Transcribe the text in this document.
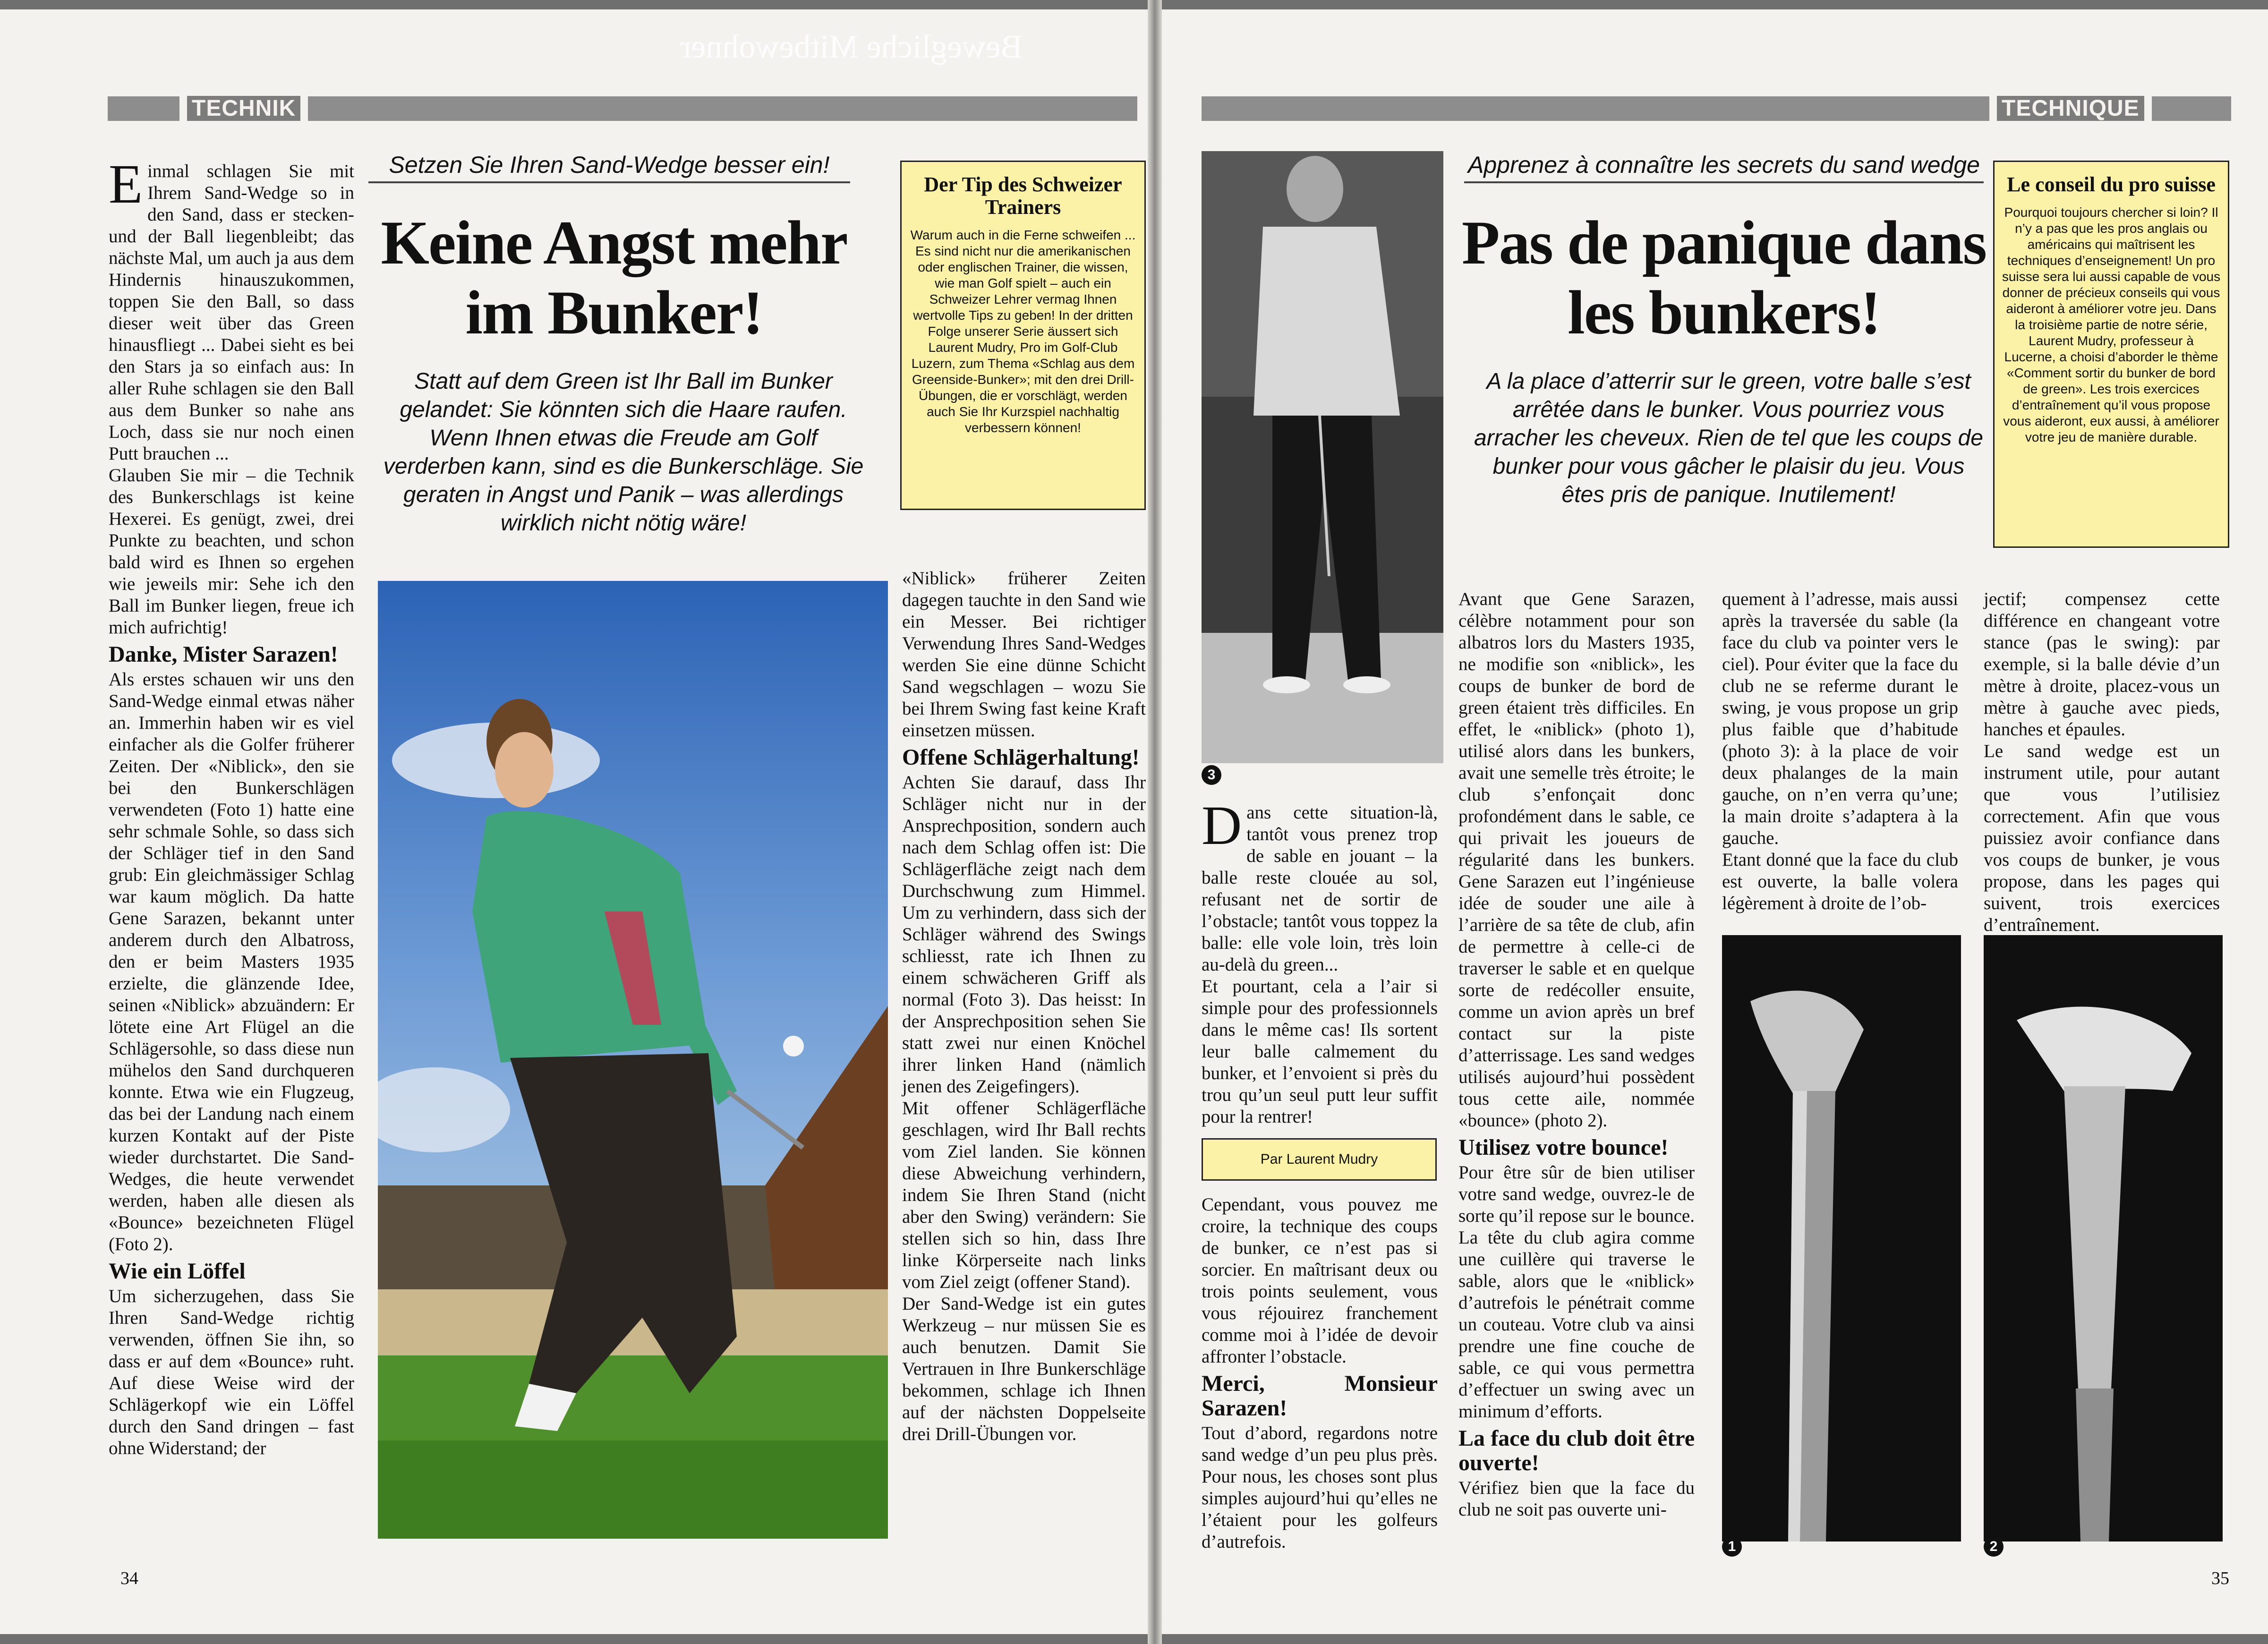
Bewegliche Mitbewohner
TECHNIK
Setzen Sie Ihren Sand-Wedge besser ein!
Keine Angst mehr im Bunker!
Statt auf dem Green ist Ihr Ball im Bunker gelandet: Sie könnten sich die Haare raufen. Wenn Ihnen etwas die Freude am Golf verderben kann, sind es die Bunkerschläge. Sie geraten in Angst und Panik – was allerdings wirklich nicht nötig wäre!
Der Tip des Schweizer Trainers
Warum auch in die Ferne schweifen ... Es sind nicht nur die amerikanischen oder englischen Trainer, die wissen, wie man Golf spielt – auch ein Schweizer Lehrer vermag Ihnen wertvolle Tips zu geben! In der dritten Folge unserer Serie äussert sich Laurent Mudry, Pro im Golf-Club Luzern, zum Thema «Schlag aus dem Greenside-Bunker»; mit den drei Drill-Übungen, die er vorschlägt, werden auch Sie Ihr Kurzspiel nachhaltig verbessern können!

Einmal schlagen Sie mit Ihrem Sand-Wedge so in den Sand, dass er stecken- und der Ball liegenbleibt; das nächste Mal, um auch ja aus dem Hindernis hinauszukommen, toppen Sie den Ball, so dass dieser weit über das Green hinausfliegt ... Dabei sieht es bei den Stars ja so einfach aus: In aller Ruhe schlagen sie den Ball aus dem Bunker so nahe ans Loch, dass sie nur noch einen Putt brauchen ...

Glauben Sie mir – die Technik des Bunkerschlags ist keine Hexerei. Es genügt, zwei, drei Punkte zu beachten, und schon bald wird es Ihnen so ergehen wie jeweils mir: Sehe ich den Ball im Bunker liegen, freue ich mich aufrichtig!

Danke, Mister Sarazen!

Als erstes schauen wir uns den Sand-Wedge einmal etwas näher an. Immerhin haben wir es viel einfacher als die Golfer früherer Zeiten. Der «Niblick», den sie bei den Bunkerschlägen verwendeten (Foto 1) hatte eine sehr schmale Sohle, so dass sich der Schläger tief in den Sand grub: Ein gleichmässiger Schlag war kaum möglich. Da hatte Gene Sarazen, bekannt unter anderem durch den Albatross, den er beim Masters 1935 erzielte, die glänzende Idee, seinen «Niblick» abzuändern: Er lötete eine Art Flügel an die Schlägersohle, so dass diese nun mühelos den Sand durchqueren konnte. Etwa wie ein Flugzeug, das bei der Landung nach einem kurzen Kontakt auf der Piste wieder durchstartet. Die Sand-Wedges, die heute verwendet werden, haben alle diesen als «Bounce» bezeichneten Flügel (Foto 2).

Wie ein Löffel

Um sicherzugehen, dass Sie Ihren Sand-Wedge richtig verwenden, öffnen Sie ihn, so dass er auf dem «Bounce» ruht. Auf diese Weise wird der Schlägerkopf wie ein Löffel durch den Sand dringen – fast ohne Widerstand; der

«Niblick» früherer Zeiten dagegen tauchte in den Sand wie ein Messer. Bei richtiger Verwendung Ihres Sand-Wedges werden Sie eine dünne Schicht Sand wegschlagen – wozu Sie bei Ihrem Swing fast keine Kraft einsetzen müssen.

Offene Schlägerhaltung!

Achten Sie darauf, dass Ihr Schläger nicht nur in der Ansprechposition, sondern auch nach dem Schlag offen ist: Die Schlägerfläche zeigt nach dem Durchschwung zum Himmel. Um zu verhindern, dass sich der Schläger während des Swings schliesst, rate ich Ihnen zu einem schwächeren Griff als normal (Foto 3). Das heisst: In der Ansprechposition sehen Sie statt zwei nur einen Knöchel ihrer linken Hand (nämlich jenen des Zeigefingers).

Mit offener Schlägerfläche geschlagen, wird Ihr Ball rechts vom Ziel landen. Sie können diese Abweichung verhindern, indem Sie Ihren Stand (nicht aber den Swing) verändern: Sie stellen sich so hin, dass Ihre linke Körperseite nach links vom Ziel zeigt (offener Stand).

Der Sand-Wedge ist ein gutes Werkzeug – nur müssen Sie es auch benutzen. Damit Sie Vertrauen in Ihre Bunkerschläge bekommen, schlage ich Ihnen auf der nächsten Doppelseite drei Drill-Übungen vor.

34
TECHNIQUE
3
Apprenez à connaître les secrets du sand wedge
Pas de panique dans les bunkers!
A la place d’atterrir sur le green, votre balle s’est arrêtée dans le bunker. Vous pourriez vous arracher les cheveux. Rien de tel que les coups de bunker pour vous gâcher le plaisir du jeu. Vous êtes pris de panique. Inutilement!
Le conseil du pro suisse
Pourquoi toujours chercher si loin? Il n’y a pas que les pros anglais ou américains qui maîtrisent les techniques d’enseignement! Un pro suisse sera lui aussi capable de vous donner de précieux conseils qui vous aideront à améliorer votre jeu. Dans la troisième partie de notre série, Laurent Mudry, professeur à Lucerne, a choisi d’aborder le thème «Comment sortir du bunker de bord de green». Les trois exercices d’entraînement qu’il vous propose vous aideront, eux aussi, à améliorer votre jeu de manière durable.

Dans cette situation-là, tantôt vous prenez trop de sable en jouant – la balle reste clouée au sol, refusant net de sortir de l’obstacle; tantôt vous toppez la balle: elle vole loin, très loin au-delà du green...

Et pourtant, cela a l’air si simple pour des professionnels dans le même cas! Ils sortent leur balle calmement du bunker, et l’envoient si près du trou qu’un seul putt leur suffit pour la rentrer!

Par Laurent Mudry

Cependant, vous pouvez me croire, la technique des coups de bunker, ce n’est pas si sorcier. En maîtrisant deux ou trois points seulement, vous vous réjouirez franchement comme moi à l’idée de devoir affronter l’obstacle.

Merci, Monsieur Sarazen!

Tout d’abord, regardons notre sand wedge d’un peu plus près. Pour nous, les choses sont plus simples aujourd’hui qu’elles ne l’étaient pour les golfeurs d’autrefois.

Avant que Gene Sarazen, célèbre notamment pour son albatros lors du Masters 1935, ne modifie son «niblick», les coups de bunker de bord de green étaient très difficiles. En effet, le «niblick» (photo 1), utilisé alors dans les bunkers, avait une semelle très étroite; le club s’enfonçait donc profondément dans le sable, ce qui privait les joueurs de régularité dans les bunkers. Gene Sarazen eut l’ingénieuse idée de souder une aile à l’arrière de sa tête de club, afin de permettre à celle-ci de traverser le sable et en quelque sorte de redécoller ensuite, comme un avion après un bref contact sur la piste d’atterrissage. Les sand wedges utilisés aujourd’hui possèdent tous cette aile, nommée «bounce» (photo 2).

Utilisez votre bounce!

Pour être sûr de bien utiliser votre sand wedge, ouvrez-le de sorte qu’il repose sur le bounce. La tête du club agira comme une cuillère qui traverse le sable, alors que le «niblick» d’autrefois le pénétrait comme un couteau. Votre club va ainsi prendre une fine couche de sable, ce qui vous permettra d’effectuer un swing avec un minimum d’efforts.

La face du club doit être ouverte!

Vérifiez bien que la face du club ne soit pas ouverte uni-

quement à l’adresse, mais aussi après la traversée du sable (la face du club va pointer vers le ciel). Pour éviter que la face du club ne se referme durant le swing, je vous propose un grip plus faible que d’habitude (photo 3): à la place de voir deux phalanges de la main gauche, on n’en verra qu’une; la main droite s’adaptera à la gauche.

Etant donné que la face du club est ouverte, la balle volera légèrement à droite de l’ob-

jectif; compensez cette différence en changeant votre stance (pas le swing): par exemple, si la balle dévie d’un mètre à droite, placez-vous un mètre à gauche avec pieds, hanches et épaules.

Le sand wedge est un instrument utile, pour autant que vous l’utilisiez correctement. Afin que vous puissiez avoir confiance dans vos coups de bunker, je vous propose, dans les pages qui suivent, trois exercices d’entraînement.

1	2
35
